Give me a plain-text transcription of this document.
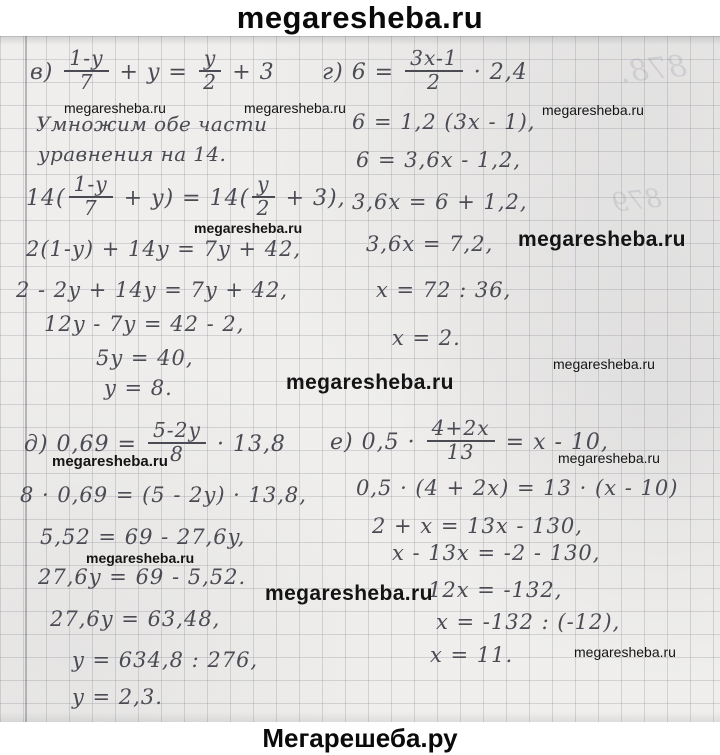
megaresheba.ru
megaresheba.ru	megaresheba.ru	megaresheba.ru
megaresheba.ru	megaresheba.ru
megaresheba.ru
megaresheba.ru
megaresheba.ru	megaresheba.ru
megaresheba.ru
megaresheba.ru
megaresheba.ru
878.
879
$в) \frac{1-y}{7} + y = \frac{y}{2} + 3$
Умножим обе части
уравнения на 14.
$14( \frac{1-y}{7} + y) = 14( \frac{y}{2} + 3)$,
2(1-y) + 14y = 7y + 42,
2 - 2y + 14y = 7y + 42,
12y - 7y = 42 - 2,
5y = 40,
y = 8.
г) $6 = \frac{3x-1}{2} \cdot 2,4$
6 = 1,2 (3x - 1),
6 = 3,6x - 1,2,
3,6x = 6 + 1,2,
3,6x = 7,2,
x = 72 : 36,
x = 2.
д) $0,69 = \frac{5-2y}{8} \cdot 13,8$
8 · 0,69 = (5 - 2y) · 13,8,
5,52 = 69 - 27,6y,
27,6y = 69 - 5,52.
27,6y = 63,48,
y = 634,8 : 276,
y = 2,3.
е) $0,5 \cdot \frac{4+2x}{13} = x - 10$,
0,5 · (4 + 2x) = 13 · (x - 10)
2 + x = 13x - 130,
x - 13x = -2 - 130,
12x = -132,
x = -132 : (-12),
x = 11.
Мегарешеба.ру
